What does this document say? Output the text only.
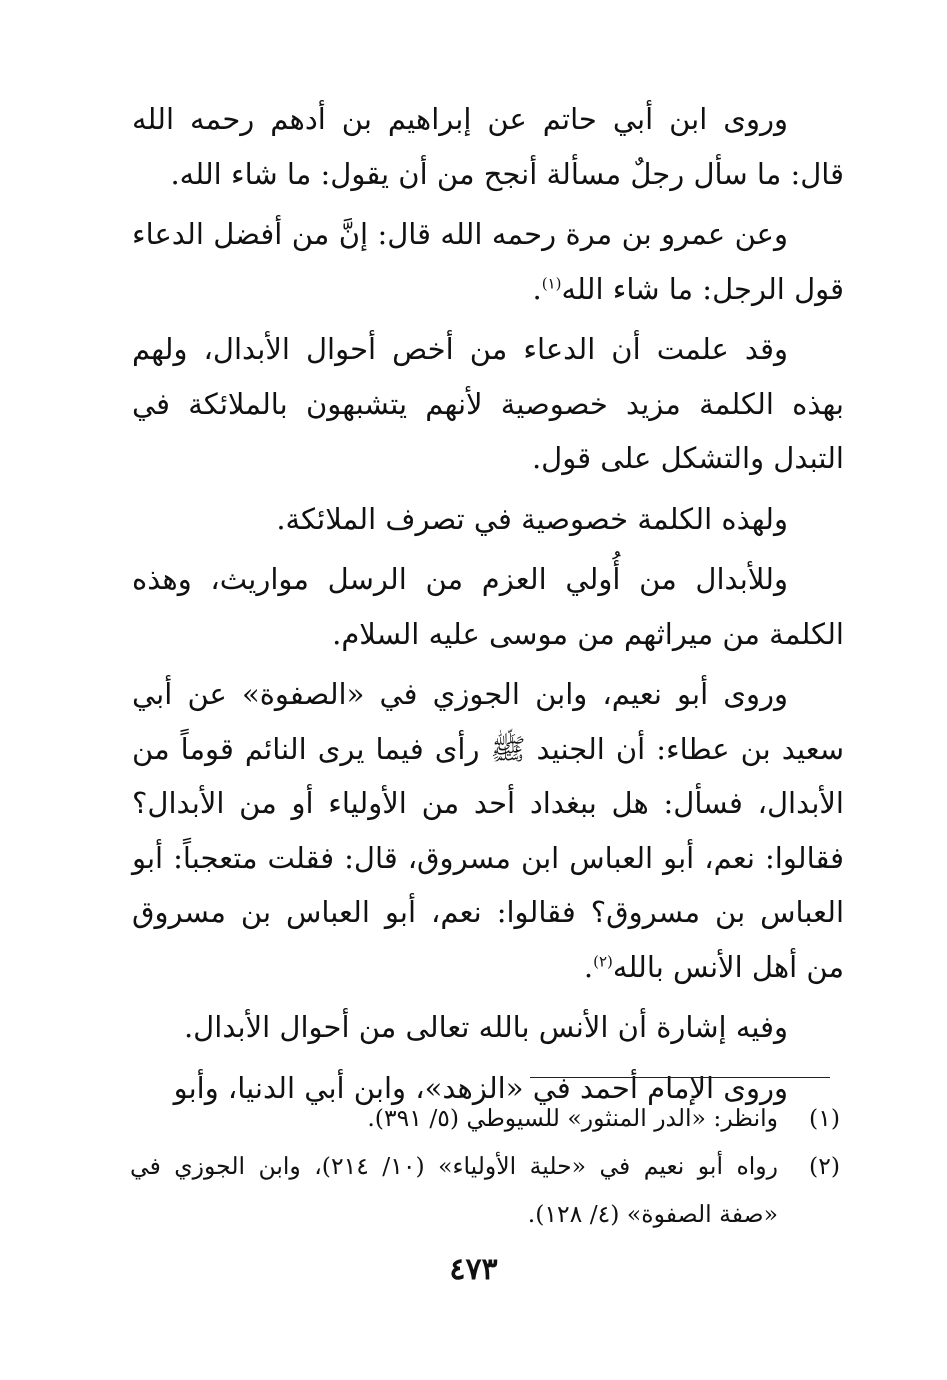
وروى ابن أبي حاتم عن إبراهيم بن أدهم رحمه الله قال: ما سأل رجلٌ مسألة أنجح من أن يقول: ما شاء الله.

وعن عمرو بن مرة رحمه الله قال: إنَّ من أفضل الدعاء قول الرجل: ما شاء الله$^{(١)}$.

وقد علمت أن الدعاء من أخص أحوال الأبدال، ولهم بهذه الكلمة مزيد خصوصية لأنهم يتشبهون بالملائكة في التبدل والتشكل على قول.

ولهذه الكلمة خصوصية في تصرف الملائكة.

وللأبدال من أُولي العزم من الرسل مواريث، وهذه الكلمة من ميراثهم من موسى عليه السلام.

وروى أبو نعيم، وابن الجوزي في «الصفوة» عن أبي سعيد بن عطاء: أن الجنيد ﷺ رأى فيما يرى النائم قوماً من الأبدال، فسأل: هل ببغداد أحد من الأولياء أو من الأبدال؟ فقالوا: نعم، أبو العباس ابن مسروق، قال: فقلت متعجباً: أبو العباس بن مسروق؟ فقالوا: نعم، أبو العباس بن مسروق من أهل الأنس بالله$^{(٢)}$.

وفيه إشارة أن الأنس بالله تعالى من أحوال الأبدال.

وروى الإمام أحمد في «الزهد»، وابن أبي الدنيا، وأبو

(١)
وانظر: «الدر المنثور» للسيوطي (٥/ ٣٩١).
(٢)
رواه أبو نعيم في «حلية الأولياء» (١٠/ ٢١٤)، وابن الجوزي في «صفة الصفوة» (٤/ ١٢٨).
٤٧٣
